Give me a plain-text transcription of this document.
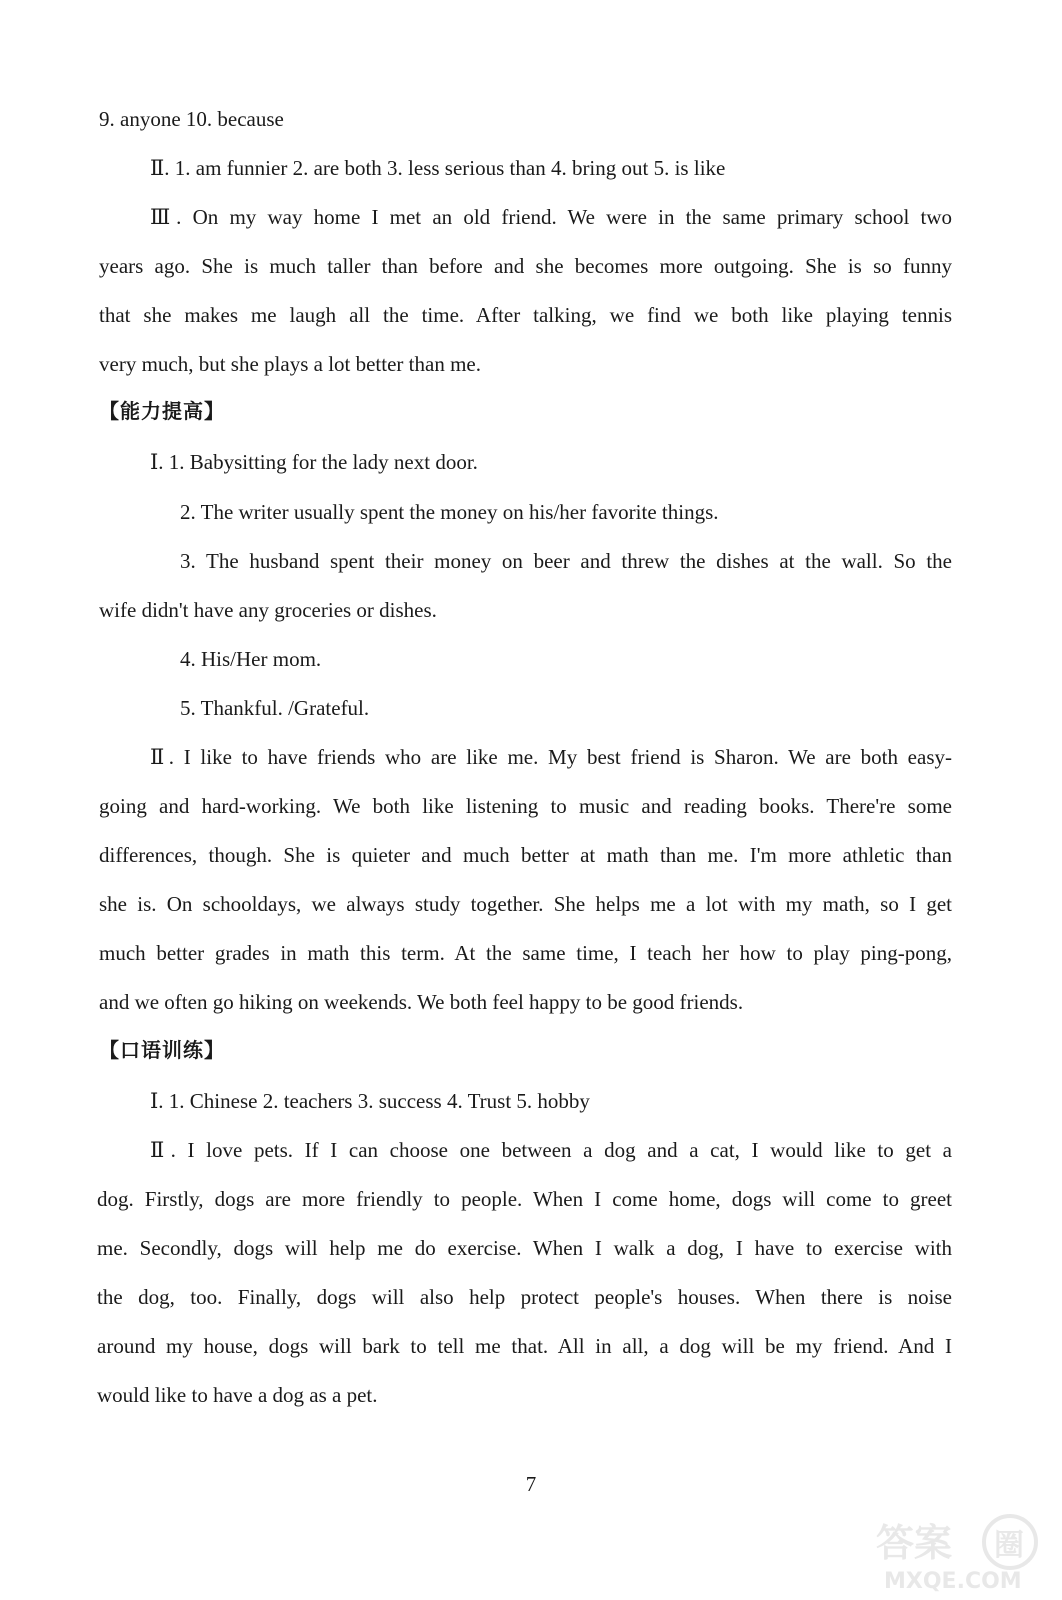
9. anyone 10. because
Ⅱ. 1. am funnier 2. are both 3. less serious than 4. bring out 5. is like
Ⅲ. On my way home I met an old friend. We were in the same primary school two
years ago. She is much taller than before and she becomes more outgoing. She is so funny
that she makes me laugh all the time. After talking, we find we both like playing tennis
very much, but she plays a lot better than me.
【能力提高】
Ⅰ. 1. Babysitting for the lady next door.
2. The writer usually spent the money on his/her favorite things.
3. The husband spent their money on beer and threw the dishes at the wall. So the
wife didn't have any groceries or dishes.
4. His/Her mom.
5. Thankful. /Grateful.
Ⅱ. I like to have friends who are like me. My best friend is Sharon. We are both easy-
going and hard-working. We both like listening to music and reading books. There're some
differences, though. She is quieter and much better at math than me. I'm more athletic than
she is. On schooldays, we always study together. She helps me a lot with my math, so I get
much better grades in math this term. At the same time, I teach her how to play ping-pong,
and we often go hiking on weekends. We both feel happy to be good friends.
【口语训练】
Ⅰ. 1. Chinese 2. teachers 3. success 4. Trust 5. hobby
Ⅱ. I love pets. If I can choose one between a dog and a cat, I would like to get a
dog. Firstly, dogs are more friendly to people. When I come home, dogs will come to greet
me. Secondly, dogs will help me do exercise. When I walk a dog, I have to exercise with
the dog, too. Finally, dogs will also help protect people's houses. When there is noise
around my house, dogs will bark to tell me that. All in all, a dog will be my friend. And I
would like to have a dog as a pet.
7
答案 圈
MXQE.COM
